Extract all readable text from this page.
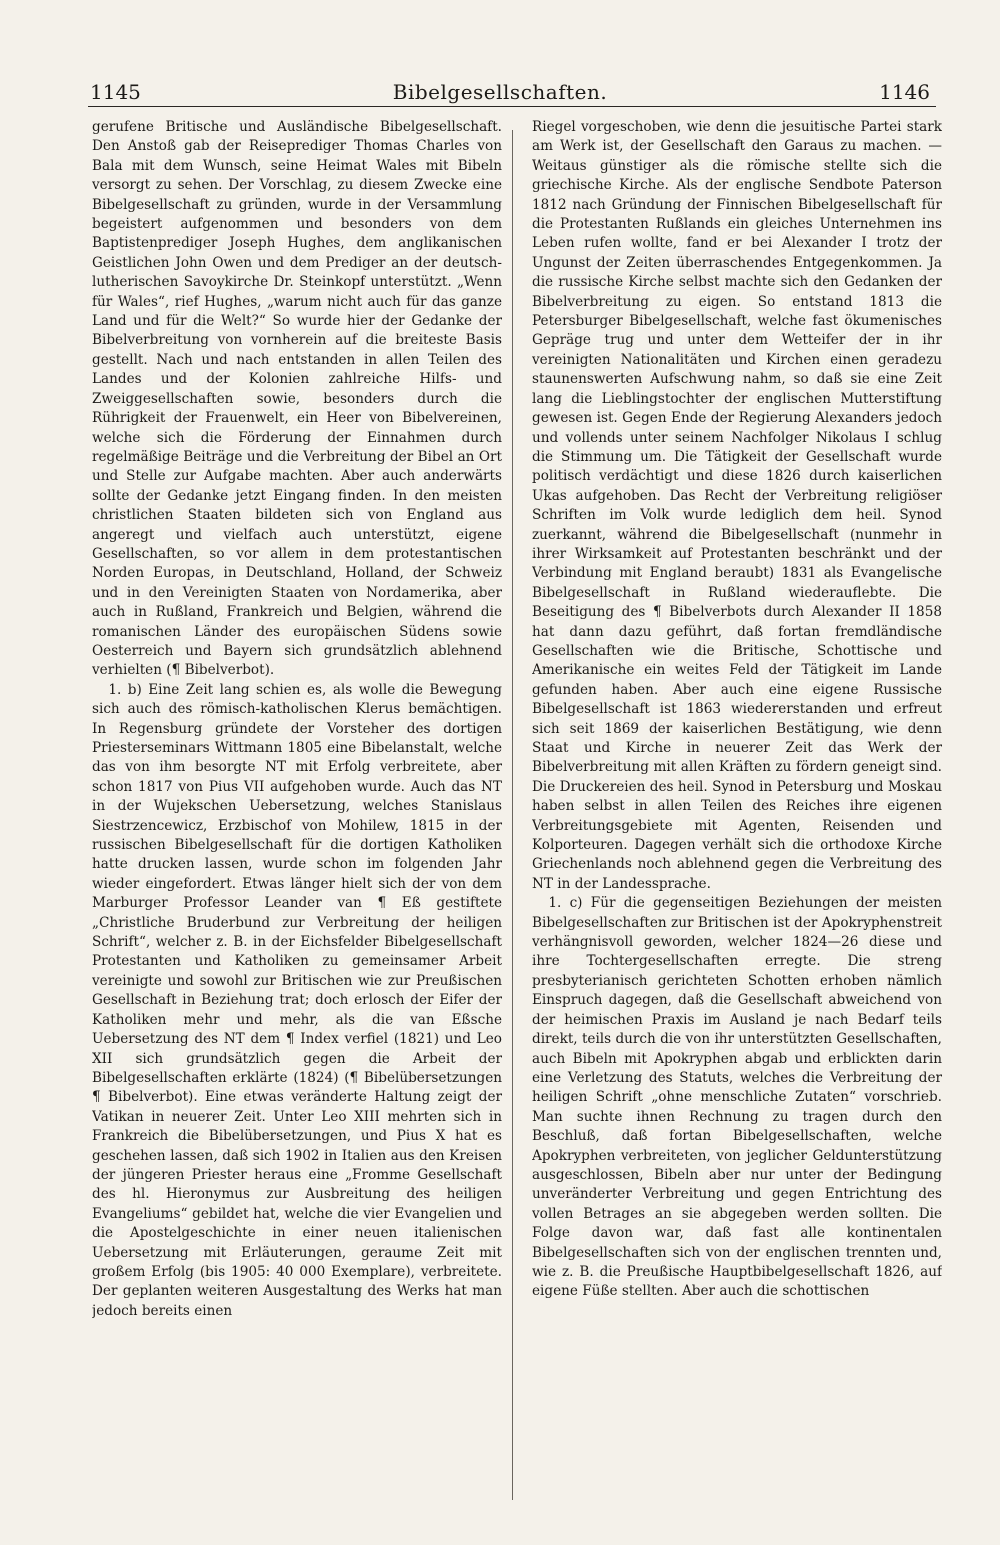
1145	Bibelgesellschaften.	1146

gerufene Britische und Ausländische Bibelgesellschaft. Den Anstoß gab der Reiseprediger Thomas Charles von Bala mit dem Wunsch, seine Heimat Wales mit Bibeln versorgt zu sehen. Der Vorschlag, zu diesem Zwecke eine Bibelgesellschaft zu gründen, wurde in der Versammlung begeistert aufgenommen und besonders von dem Baptistenprediger Joseph Hughes, dem anglikanischen Geistlichen John Owen und dem Prediger an der deutsch-lutherischen Savoykirche Dr. Steinkopf unterstützt. „Wenn für Wales“, rief Hughes, „warum nicht auch für das ganze Land und für die Welt?“ So wurde hier der Gedanke der Bibelverbreitung von vornherein auf die breiteste Basis gestellt. Nach und nach entstanden in allen Teilen des Landes und der Kolonien zahlreiche Hilfs- und Zweiggesellschaften sowie, besonders durch die Rührigkeit der Frauenwelt, ein Heer von Bibelvereinen, welche sich die Förderung der Einnahmen durch regelmäßige Beiträge und die Verbreitung der Bibel an Ort und Stelle zur Aufgabe machten. Aber auch anderwärts sollte der Gedanke jetzt Eingang finden. In den meisten christlichen Staaten bildeten sich von England aus angeregt und vielfach auch unterstützt, eigene Gesellschaften, so vor allem in dem protestantischen Norden Europas, in Deutschland, Holland, der Schweiz und in den Vereinigten Staaten von Nordamerika, aber auch in Rußland, Frankreich und Belgien, während die romanischen Länder des europäischen Südens sowie Oesterreich und Bayern sich grundsätzlich ablehnend verhielten (¶ Bibelverbot).

1. b) Eine Zeit lang schien es, als wolle die Bewegung sich auch des römisch-katholischen Klerus bemächtigen. In Regensburg gründete der Vorsteher des dortigen Priesterseminars Wittmann 1805 eine Bibelanstalt, welche das von ihm besorgte NT mit Erfolg verbreitete, aber schon 1817 von Pius VII aufgehoben wurde. Auch das NT in der Wujekschen Uebersetzung, welches Stanislaus Siestrzencewicz, Erzbischof von Mohilew, 1815 in der russischen Bibelgesellschaft für die dortigen Katholiken hatte drucken lassen, wurde schon im folgenden Jahr wieder eingefordert. Etwas länger hielt sich der von dem Marburger Professor Leander van ¶ Eß gestiftete „Christliche Bruderbund zur Verbreitung der heiligen Schrift“, welcher z. B. in der Eichsfelder Bibelgesellschaft Protestanten und Katholiken zu gemeinsamer Arbeit vereinigte und sowohl zur Britischen wie zur Preußischen Gesellschaft in Beziehung trat; doch erlosch der Eifer der Katholiken mehr und mehr, als die van Eßsche Uebersetzung des NT dem ¶ Index verfiel (1821) und Leo XII sich grundsätzlich gegen die Arbeit der Bibelgesellschaften erklärte (1824) (¶ Bibelübersetzungen ¶ Bibelverbot). Eine etwas veränderte Haltung zeigt der Vatikan in neuerer Zeit. Unter Leo XIII mehrten sich in Frankreich die Bibelübersetzungen, und Pius X hat es geschehen lassen, daß sich 1902 in Italien aus den Kreisen der jüngeren Priester heraus eine „Fromme Gesellschaft des hl. Hieronymus zur Ausbreitung des heiligen Evangeliums“ gebildet hat, welche die vier Evangelien und die Apostelgeschichte in einer neuen italienischen Uebersetzung mit Erläuterungen, geraume Zeit mit großem Erfolg (bis 1905: 40 000 Exemplare), verbreitete. Der geplanten weiteren Ausgestaltung des Werks hat man jedoch bereits einen

Riegel vorgeschoben, wie denn die jesuitische Partei stark am Werk ist, der Gesellschaft den Garaus zu machen. — Weitaus günstiger als die römische stellte sich die griechische Kirche. Als der englische Sendbote Paterson 1812 nach Gründung der Finnischen Bibelgesellschaft für die Protestanten Rußlands ein gleiches Unternehmen ins Leben rufen wollte, fand er bei Alexander I trotz der Ungunst der Zeiten überraschendes Entgegenkommen. Ja die russische Kirche selbst machte sich den Gedanken der Bibelverbreitung zu eigen. So entstand 1813 die Petersburger Bibelgesellschaft, welche fast ökumenisches Gepräge trug und unter dem Wetteifer der in ihr vereinigten Nationalitäten und Kirchen einen geradezu staunenswerten Aufschwung nahm, so daß sie eine Zeit lang die Lieblingstochter der englischen Mutterstiftung gewesen ist. Gegen Ende der Regierung Alexanders jedoch und vollends unter seinem Nachfolger Nikolaus I schlug die Stimmung um. Die Tätigkeit der Gesellschaft wurde politisch verdächtigt und diese 1826 durch kaiserlichen Ukas aufgehoben. Das Recht der Verbreitung religiöser Schriften im Volk wurde lediglich dem heil. Synod zuerkannt, während die Bibelgesellschaft (nunmehr in ihrer Wirksamkeit auf Protestanten beschränkt und der Verbindung mit England beraubt) 1831 als Evangelische Bibelgesellschaft in Rußland wiederauflebte. Die Beseitigung des ¶ Bibelverbots durch Alexander II 1858 hat dann dazu geführt, daß fortan fremdländische Gesellschaften wie die Britische, Schottische und Amerikanische ein weites Feld der Tätigkeit im Lande gefunden haben. Aber auch eine eigene Russische Bibelgesellschaft ist 1863 wiedererstanden und erfreut sich seit 1869 der kaiserlichen Bestätigung, wie denn Staat und Kirche in neuerer Zeit das Werk der Bibelverbreitung mit allen Kräften zu fördern geneigt sind. Die Druckereien des heil. Synod in Petersburg und Moskau haben selbst in allen Teilen des Reiches ihre eigenen Verbreitungsgebiete mit Agenten, Reisenden und Kolporteuren. Dagegen verhält sich die orthodoxe Kirche Griechenlands noch ablehnend gegen die Verbreitung des NT in der Landessprache.

1. c) Für die gegenseitigen Beziehungen der meisten Bibelgesellschaften zur Britischen ist der Apokryphenstreit verhängnisvoll geworden, welcher 1824—26 diese und ihre Tochtergesellschaften erregte. Die streng presbyterianisch gerichteten Schotten erhoben nämlich Einspruch dagegen, daß die Gesellschaft abweichend von der heimischen Praxis im Ausland je nach Bedarf teils direkt, teils durch die von ihr unterstützten Gesellschaften, auch Bibeln mit Apokryphen abgab und erblickten darin eine Verletzung des Statuts, welches die Verbreitung der heiligen Schrift „ohne menschliche Zutaten“ vorschrieb. Man suchte ihnen Rechnung zu tragen durch den Beschluß, daß fortan Bibelgesellschaften, welche Apokryphen verbreiteten, von jeglicher Geldunterstützung ausgeschlossen, Bibeln aber nur unter der Bedingung unveränderter Verbreitung und gegen Entrichtung des vollen Betrages an sie abgegeben werden sollten. Die Folge davon war, daß fast alle kontinentalen Bibelgesellschaften sich von der englischen trennten und, wie z. B. die Preußische Hauptbibelgesellschaft 1826, auf eigene Füße stellten. Aber auch die schottischen
